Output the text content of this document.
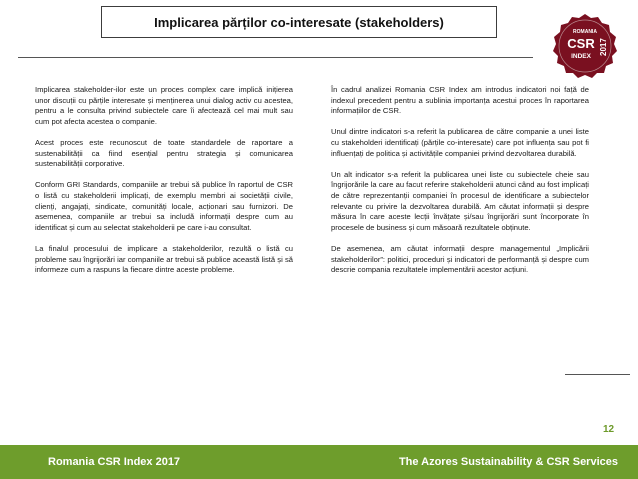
Implicarea părților co-interesate (stakeholders)
ROMANIA
CSR
INDEX
2017

Implicarea stakeholder-ilor este un proces complex care implică inițierea unor discuții cu părțile interesate și menținerea unui dialog activ cu acestea, pentru a le consulta privind subiectele care îi afectează cel mai mult sau cum pot afecta acestea o companie.

Acest proces este recunoscut de toate standardele de raportare a sustenabilității ca fiind esențial pentru strategia și comunicarea sustenabilității corporative.

Conform GRI Standards, companiile ar trebui să publice în raportul de CSR o listă cu stakeholderii implicați, de exemplu membri ai societății civile, clienți, angajați, sindicate, comunități locale, acționari sau furnizori. De asemenea, companiile ar trebui sa includă informații despre cum au identificat și cum au selectat stakeholderii pe care i-au consultat.

La finalul procesului de implicare a stakeholderilor, rezultă o listă cu probleme sau îngrijorări iar companiile ar trebui să publice această listă și să informeze cum a raspuns la fiecare dintre aceste probleme.

În cadrul analizei Romania CSR Index am introdus indicatori noi față de indexul precedent pentru a sublinia importanța acestui proces în raportarea informațiilor de CSR.

Unul dintre indicatori s-a referit la publicarea de către companie a unei liste cu stakeholderi identificați (părțile co-interesate) care pot influența sau pot fi influențați de politica și activitățile companiei privind dezvoltarea durabilă.

Un alt indicator s-a referit la publicarea unei liste cu subiectele cheie sau îngrijorările la care au facut referire stakeholderii atunci când au fost implicați de către reprezentanții companiei în procesul de identificare a subiectelor relevante cu privire la dezvoltarea durabilă. Am căutat informații și despre măsura în care aceste lecții învățate și/sau îngrijorări sunt încorporate în procesele de business și cum măsoară rezultatele obținute.

De asemenea, am căutat informații despre managementul „Implicării stakeholderilor”: politici, proceduri și indicatori de performanță și despre cum descrie compania rezultatele implementării acestor acțiuni.

12
Romania CSR Index 2017	The Azores Sustainability & CSR Services
